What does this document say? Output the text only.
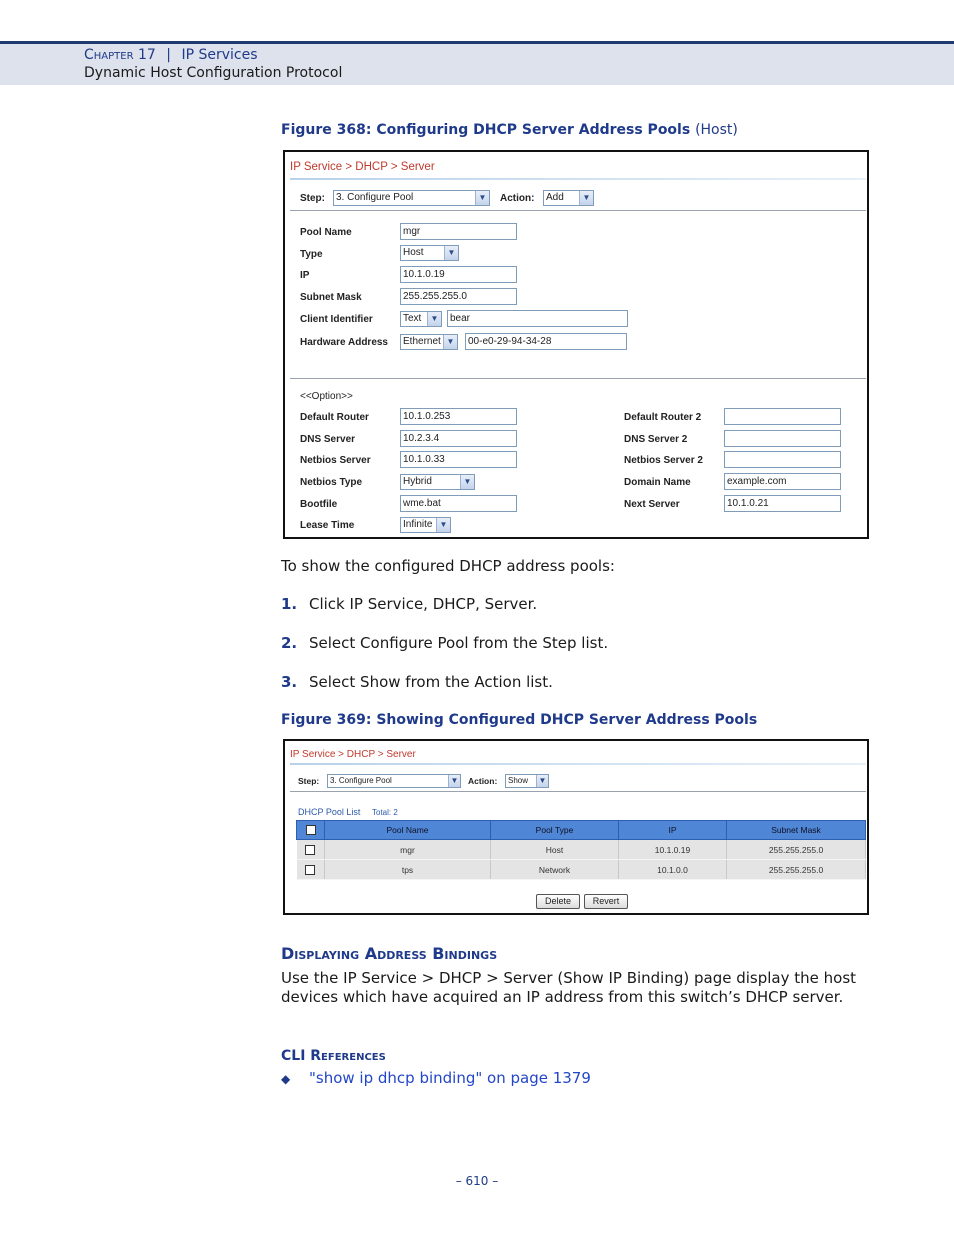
Chapter 17 | IP Services
Dynamic Host Configuration Protocol
Figure 368: Configuring DHCP Server Address Pools (Host)
IP Service > DHCP > Server
Step:	3. Configure Pool	▼ Action:	Add	▼
Pool Name	mgr
Type	Host	▼
IP	10.1.0.19
Subnet Mask	255.255.255.0
Client Identifier	Text	▼	bear
Hardware Address	Ethernet ▼	00-e0-29-94-34-28
<<Option>>
Default Router	10.1.0.253	Default Router 2
DNS Server	10.2.3.4	DNS Server 2
Netbios Server	10.1.0.33	Netbios Server 2
Netbios Type	Hybrid	▼	Domain Name	example.com
Bootfile	wme.bat	Next Server	10.1.0.21
Lease Time	Infinite ▼
To show the configured DHCP address pools:
1. Click IP Service, DHCP, Server.
2. Select Configure Pool from the Step list.
3. Select Show from the Action list.
Figure 369: Showing Configured DHCP Server Address Pools
IP Service > DHCP > Server
Step:	3. Configure Pool	▼ Action:	Show	▼
DHCP Pool List Total: 2
	Pool Name	Pool Type	IP	Subnet Mask
	mgr	Host	10.1.0.19	255.255.255.0
	tps	Network	10.1.0.0	255.255.255.0
Delete	Revert
Displaying Address Bindings
Use the IP Service > DHCP > Server (Show IP Binding) page display the host devices which have acquired an IP address from this switch’s DHCP server.
CLI References
◆ "show ip dhcp binding" on page 1379
– 610 –
